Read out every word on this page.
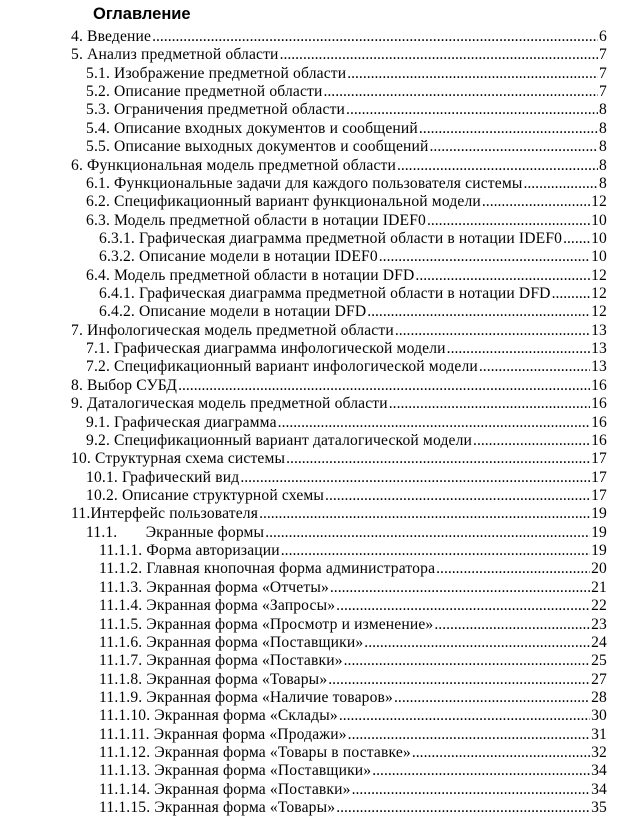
Оглавление
4. Введение .....	6
5. Анализ предметной области .....	7
5.1. Изображение предметной области .....	7
5.2. Описание предметной области .....	7
5.3. Ограничения предметной области .....	8
5.4. Описание входных документов и сообщений .....	8
5.5. Описание выходных документов и сообщений .....	8
6. Функциональная модель предметной области .....	8
6.1. Функциональные задачи для каждого пользователя системы .....	8
6.2. Спецификационный вариант функциональной модели .....	12
6.3. Модель предметной области в нотации IDEF0 .....	10
6.3.1. Графическая диаграмма предметной области в нотации IDEF0 ..... 10
6.3.2. Описание модели в нотации IDEF0 .....	10
6.4. Модель предметной области в нотации DFD .....	12
6.4.1. Графическая диаграмма предметной области в нотации DFD .....	12
6.4.2. Описание модели в нотации DFD .....	12
7. Инфологическая модель предметной области .....	13
7.1. Графическая диаграмма инфологической модели .....	13
7.2. Спецификационный вариант инфологической модели .....	13
8. Выбор СУБД .....	16
9. Даталогическая модель предметной области .....	16
9.1. Графическая диаграмма .....	16
9.2. Спецификационный вариант даталогической модели .....	16
10. Структурная схема системы .....	17
10.1. Графический вид .....	17
10.2. Описание структурной схемы .....	17
11.Интерфейс пользователя .....	19
11.1.       Экранные формы .....	19
11.1.1. Форма авторизации .....	19
11.1.2. Главная кнопочная форма администратора .....	20
11.1.3. Экранная форма «Отчеты» .....	21
11.1.4. Экранная форма «Запросы» .....	22
11.1.5. Экранная форма «Просмотр и изменение» .....	23
11.1.6. Экранная форма «Поставщики» .....	24
11.1.7. Экранная форма «Поставки» .....	25
11.1.8. Экранная форма «Товары» .....	27
11.1.9. Экранная форма «Наличие товаров» .....	28
11.1.10. Экранная форма «Склады» .....	30
11.1.11. Экранная форма «Продажи» .....	31
11.1.12. Экранная форма «Товары в поставке» .....	32
11.1.13. Экранная форма «Поставщики» .....	34
11.1.14. Экранная форма «Поставки» .....	34
11.1.15. Экранная форма «Товары» .....	35
